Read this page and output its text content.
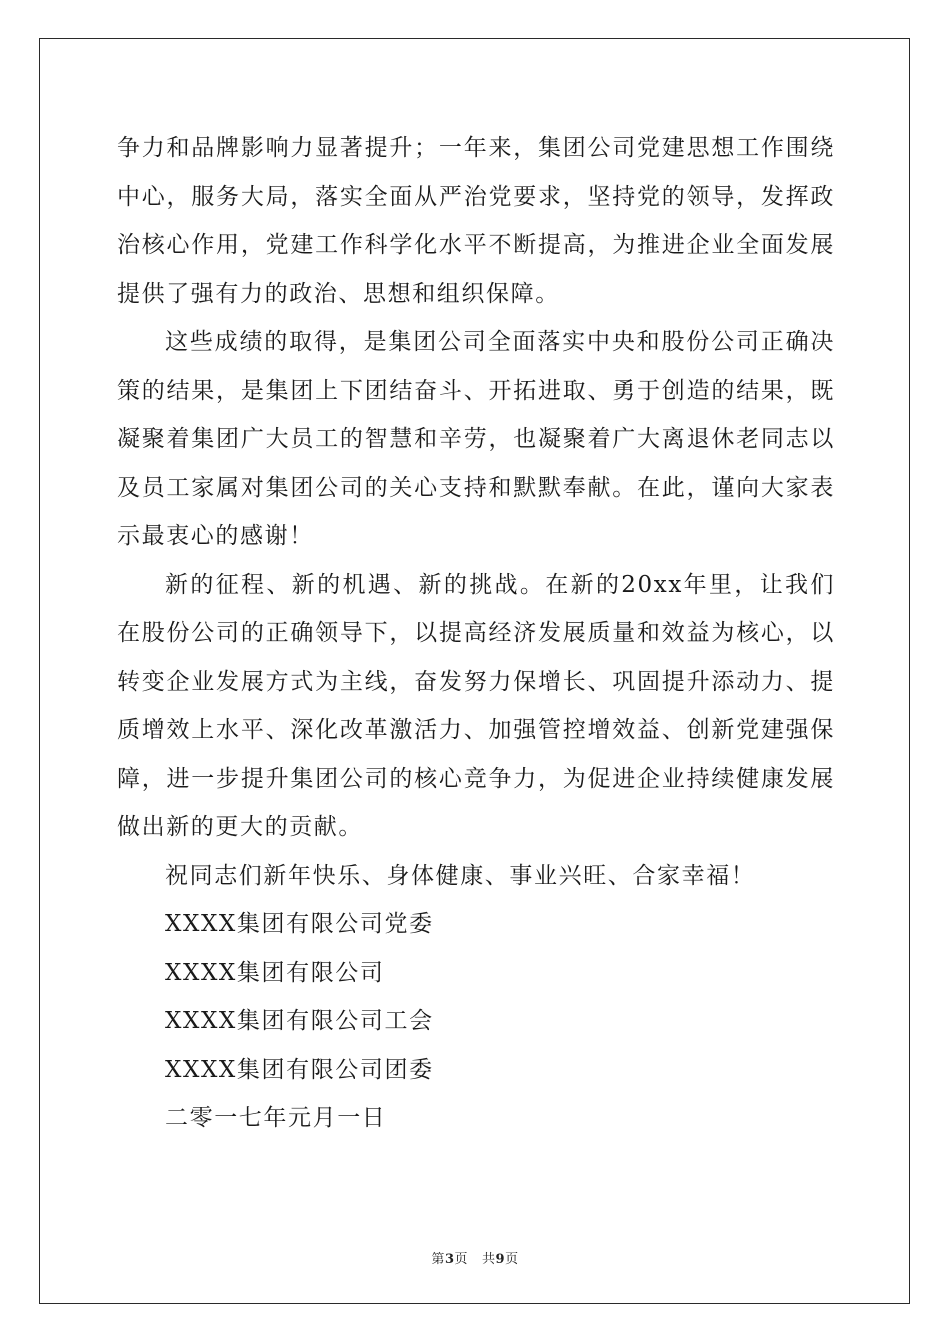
争力和品牌影响力显著提升；一年来，集团公司党建思想工作围绕中心，服务大局，落实全面从严治党要求，坚持党的领导，发挥政治核心作用，党建工作科学化水平不断提高，为推进企业全面发展提供了强有力的政治、思想和组织保障。

这些成绩的取得，是集团公司全面落实中央和股份公司正确决策的结果，是集团上下团结奋斗、开拓进取、勇于创造的结果，既凝聚着集团广大员工的智慧和辛劳，也凝聚着广大离退休老同志以及员工家属对集团公司的关心支持和默默奉献。在此，谨向大家表示最衷心的感谢！

新的征程、新的机遇、新的挑战。在新的20xx年里，让我们在股份公司的正确领导下，以提高经济发展质量和效益为核心，以转变企业发展方式为主线，奋发努力保增长、巩固提升添动力、提质增效上水平、深化改革激活力、加强管控增效益、创新党建强保障，进一步提升集团公司的核心竞争力，为促进企业持续健康发展做出新的更大的贡献。

祝同志们新年快乐、身体健康、事业兴旺、合家幸福！

XXXX集团有限公司党委

XXXX集团有限公司

XXXX集团有限公司工会

XXXX集团有限公司团委

二零一七年元月一日

第3页 共9页
